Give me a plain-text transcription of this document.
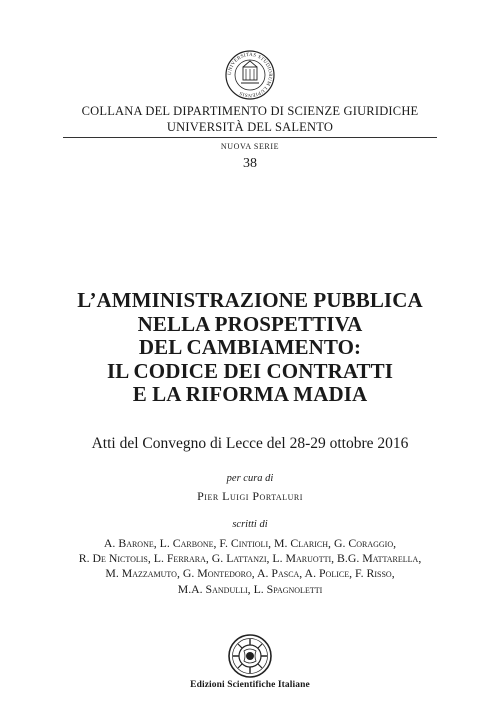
UNIVERSITAS STUDIORUM LUPIENSIS
COLLANA DEL DIPARTIMENTO DI SCIENZE GIURIDICHE
UNIVERSITÀ DEL SALENTO
NUOVA SERIE
38
L’AMMINISTRAZIONE PUBBLICA
NELLA PROSPETTIVA
DEL CAMBIAMENTO:
IL CODICE DEI CONTRATTI
E LA RIFORMA MADIA
Atti del Convegno di Lecce del 28-29 ottobre 2016
per cura di
Pier Luigi Portaluri
scritti di
A. Barone, L. Carbone, F. Cintioli, M. Clarich, G. Coraggio,
R. De Nictolis, L. Ferrara, G. Lattanzi, L. Maruotti, B.G. Mattarella,
M. Mazzamuto, G. Montedoro, A. Pasca, A. Police, F. Risso,
M.A. Sandulli, L. Spagnoletti
Edizioni Scientifiche Italiane
